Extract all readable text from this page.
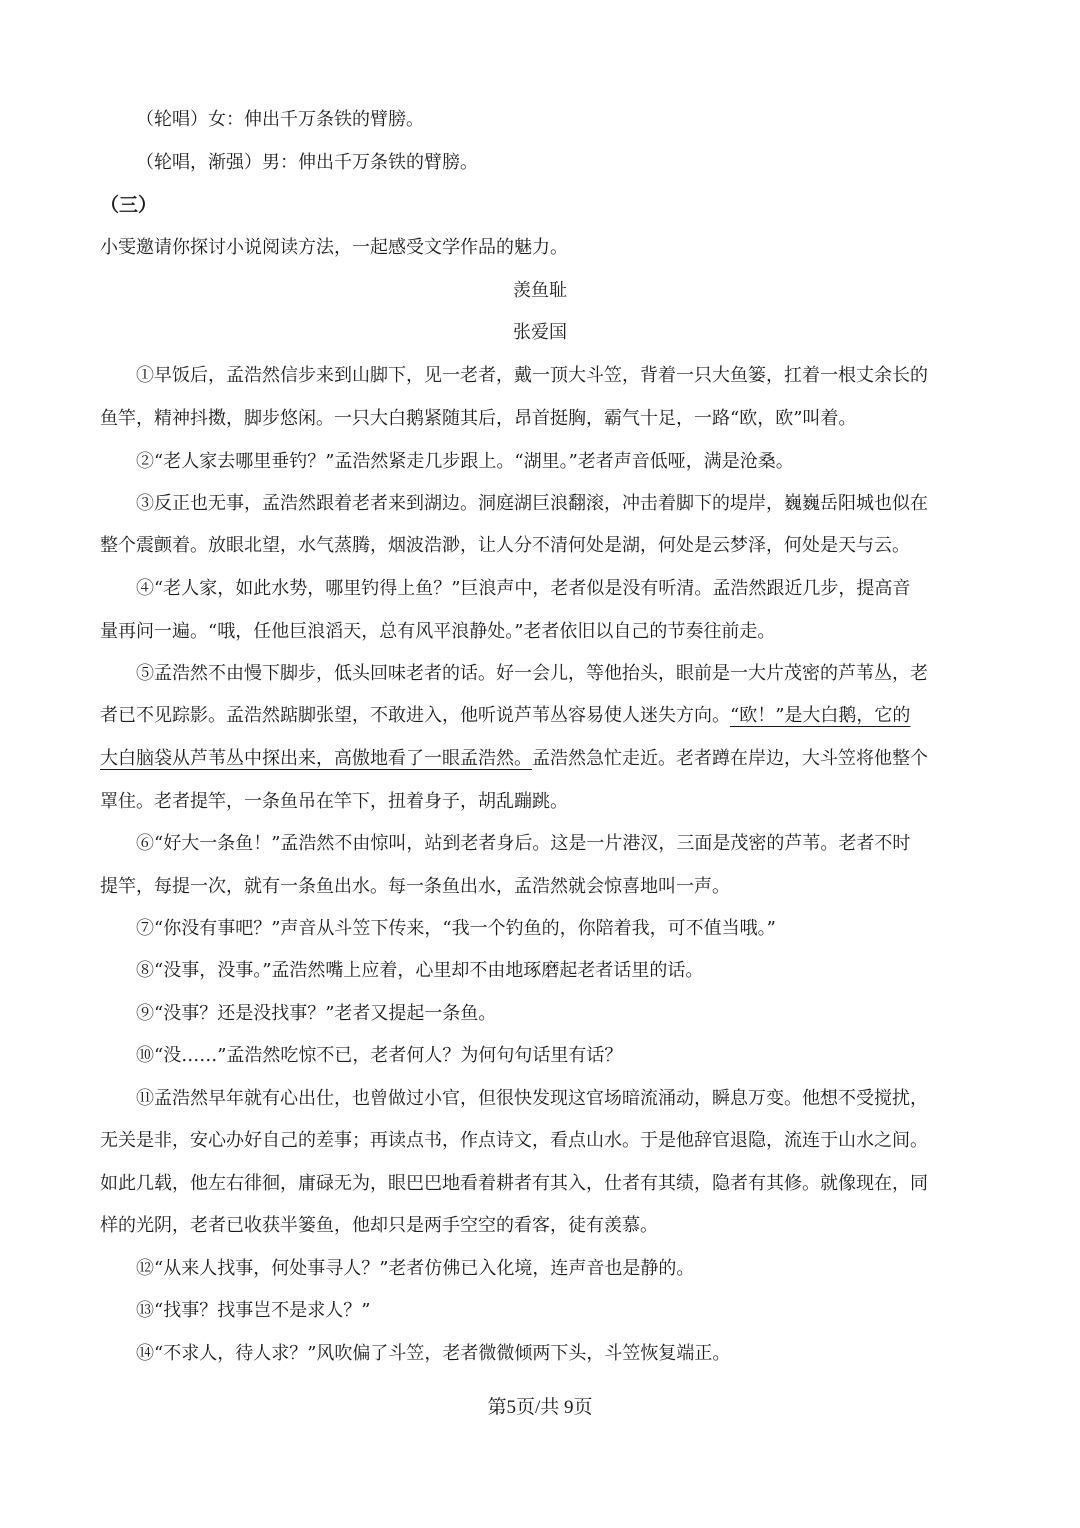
（轮唱）女：伸出千万条铁的臂膀。
（轮唱，渐强）男：伸出千万条铁的臂膀。
（三）
小雯邀请你探讨小说阅读方法，一起感受文学作品的魅力。
羡鱼耻
张爱国
①早饭后，孟浩然信步来到山脚下，见一老者，戴一顶大斗笠，背着一只大鱼篓，扛着一根丈余长的
鱼竿，精神抖擞，脚步悠闲。一只大白鹅紧随其后，昂首挺胸，霸气十足，一路“欧，欧”叫着。
②“老人家去哪里垂钓？”孟浩然紧走几步跟上。“湖里。”老者声音低哑，满是沧桑。
③反正也无事，孟浩然跟着老者来到湖边。洞庭湖巨浪翻滚，冲击着脚下的堤岸，巍巍岳阳城也似在
整个震颤着。放眼北望，水气蒸腾，烟波浩渺，让人分不清何处是湖，何处是云梦泽，何处是天与云。
④“老人家，如此水势，哪里钓得上鱼？”巨浪声中，老者似是没有听清。孟浩然跟近几步，提高音
量再问一遍。“哦，任他巨浪滔天，总有风平浪静处。”老者依旧以自己的节奏往前走。
⑤孟浩然不由慢下脚步，低头回味老者的话。好一会儿，等他抬头，眼前是一大片茂密的芦苇丛，老
者已不见踪影。孟浩然踮脚张望，不敢进入，他听说芦苇丛容易使人迷失方向。“欧！”是大白鹅，它的
大白脑袋从芦苇丛中探出来，高傲地看了一眼孟浩然。孟浩然急忙走近。老者蹲在岸边，大斗笠将他整个
罩住。老者提竿，一条鱼吊在竿下，扭着身子，胡乱蹦跳。
⑥“好大一条鱼！”孟浩然不由惊叫，站到老者身后。这是一片港汊，三面是茂密的芦苇。老者不时
提竿，每提一次，就有一条鱼出水。每一条鱼出水，孟浩然就会惊喜地叫一声。
⑦“你没有事吧？”声音从斗笠下传来，“我一个钓鱼的，你陪着我，可不值当哦。”
⑧“没事，没事。”孟浩然嘴上应着，心里却不由地琢磨起老者话里的话。
⑨“没事？还是没找事？”老者又提起一条鱼。
⑩“没……”孟浩然吃惊不已，老者何人？为何句句话里有话？
⑪孟浩然早年就有心出仕，也曾做过小官，但很快发现这官场暗流涌动，瞬息万变。他想不受搅扰，
无关是非，安心办好自己的差事；再读点书，作点诗文，看点山水。于是他辞官退隐，流连于山水之间。
如此几载，他左右徘徊，庸碌无为，眼巴巴地看着耕者有其入，仕者有其绩，隐者有其修。就像现在，同
样的光阴，老者已收获半篓鱼，他却只是两手空空的看客，徒有羡慕。
⑫“从来人找事，何处事寻人？”老者仿佛已入化境，连声音也是静的。
⑬“找事？找事岂不是求人？”
⑭“不求人，待人求？”风吹偏了斗笠，老者微微倾两下头，斗笠恢复端正。
第5页/共 9页
